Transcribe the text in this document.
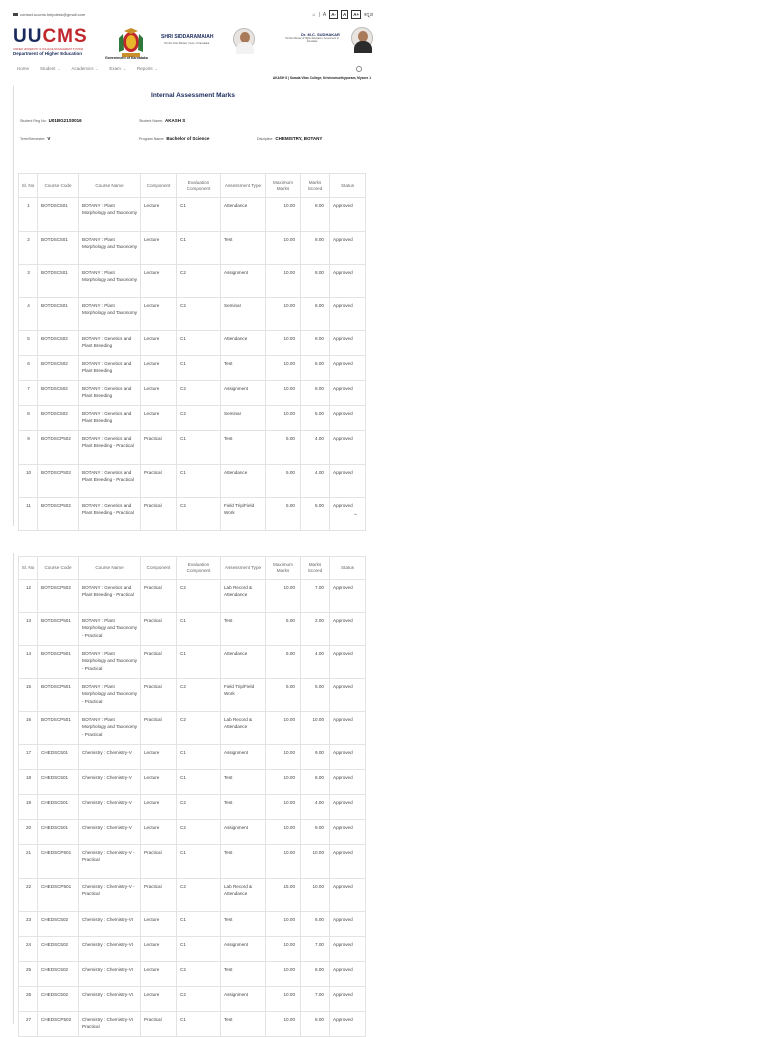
contact.uucms.helpdesk@gmail.com	⌂ | A	A-	A	A+	ಕನ್ನಡ
UUCMS
UNIFIED UNIVERSITY & COLLEGE MANAGEMENT SYSTEM
Department of Higher Education
Government of Karnataka
SHRI SIDDARAMAIAH
Hon'ble Chief Minister | Govt. of Karnataka
Dr. M.C. SUDHAKAR
Hon'ble Minister of Higher Education, Government of Karnataka
Home Student ⌄ Academics ⌄ Exam ⌄ Reports ⌄
AKASH S | Sarada Vilas College, Krishnamurthypuram, Mysore 1
Internal Assessment Marks
Student Reg No: U01BG21S0016	Student Name: AKASH S
Term/Semester: V	Program Name: Bachelor of Science	Discipline: CHEMISTRY, BOTANY
Sl. No	Course Code	Course Name	Component	Evaluation Component	Assessment Type	Maximum Marks	Marks Scored	Status
1	BOTDSC501	BOTANY : Plant Morphology and Taxonomy	Lecture	C1	Attendance	10.00	8.00	Approved
2	BOTDSC501	BOTANY : Plant Morphology and Taxonomy	Lecture	C1	Test	10.00	8.00	Approved
3	BOTDSC501	BOTANY : Plant Morphology and Taxonomy	Lecture	C2	Assignment	10.00	8.00	Approved
4	BOTDSC501	BOTANY : Plant Morphology and Taxonomy	Lecture	C2	Seminar	10.00	6.00	Approved
5	BOTDSC502	BOTANY : Genetics and Plant Breeding	Lecture	C1	Attendance	10.00	8.00	Approved
6	BOTDSC502	BOTANY : Genetics and Plant Breeding	Lecture	C1	Test	10.00	6.00	Approved
7	BOTDSC502	BOTANY : Genetics and Plant Breeding	Lecture	C2	Assignment	10.00	8.00	Approved
8	BOTDSC502	BOTANY : Genetics and Plant Breeding	Lecture	C2	Seminar	10.00	5.00	Approved
9	BOTDSCP502	BOTANY : Genetics and Plant Breeding - Practical	Practical	C1	Test	5.00	4.00	Approved
10	BOTDSCP502	BOTANY : Genetics and Plant Breeding - Practical	Practical	C1	Attendance	5.00	4.00	Approved
11	BOTDSCP502	BOTANY : Genetics and Plant Breeding - Practical	Practical	C2	Field Trip/Field Work	5.00	5.00	Approved
⌃
Sl. No	Course Code	Course Name	Component	Evaluation Component	Assessment Type	Maximum Marks	Marks Scored	Status
12	BOTDSCP502	BOTANY : Genetics and Plant Breeding - Practical	Practical	C2	Lab Record & Attendance	10.00	7.00	Approved
13	BOTDSCP501	BOTANY : Plant Morphology and Taxonomy - Practical	Practical	C1	Test	5.00	2.00	Approved
14	BOTDSCP501	BOTANY : Plant Morphology and Taxonomy - Practical	Practical	C1	Attendance	5.00	4.00	Approved
15	BOTDSCP501	BOTANY : Plant Morphology and Taxonomy - Practical	Practical	C2	Field Trip/Field Work	5.00	5.00	Approved
16	BOTDSCP501	BOTANY : Plant Morphology and Taxonomy - Practical	Practical	C2	Lab Record & Attendance	10.00	10.00	Approved
17	CHEDSC501	Chemistry : Chemistry-V	Lecture	C1	Assignment	10.00	9.00	Approved
18	CHEDSC501	Chemistry : Chemistry-V	Lecture	C1	Test	10.00	6.00	Approved
19	CHEDSC501	Chemistry : Chemistry-V	Lecture	C2	Test	10.00	4.00	Approved
20	CHEDSC501	Chemistry : Chemistry-V	Lecture	C2	Assignment	10.00	9.00	Approved
21	CHEDSCP501	Chemistry : Chemistry-V - Practical	Practical	C1	Test	10.00	10.00	Approved
22	CHEDSCP501	Chemistry : Chemistry-V - Practical	Practical	C2	Lab Record & Attendance	15.00	10.00	Approved
23	CHEDSC502	Chemistry : Chemistry-VI	Lecture	C1	Test	10.00	6.00	Approved
24	CHEDSC502	Chemistry : Chemistry-VI	Lecture	C1	Assignment	10.00	7.00	Approved
25	CHEDSC502	Chemistry : Chemistry-VI	Lecture	C2	Test	10.00	6.00	Approved
26	CHEDSC502	Chemistry : Chemistry-VI	Lecture	C2	Assignment	10.00	7.00	Approved
27	CHEDSCP502	Chemistry : Chemistry-VI Practical	Practical	C1	Test	10.00	8.00	Approved
